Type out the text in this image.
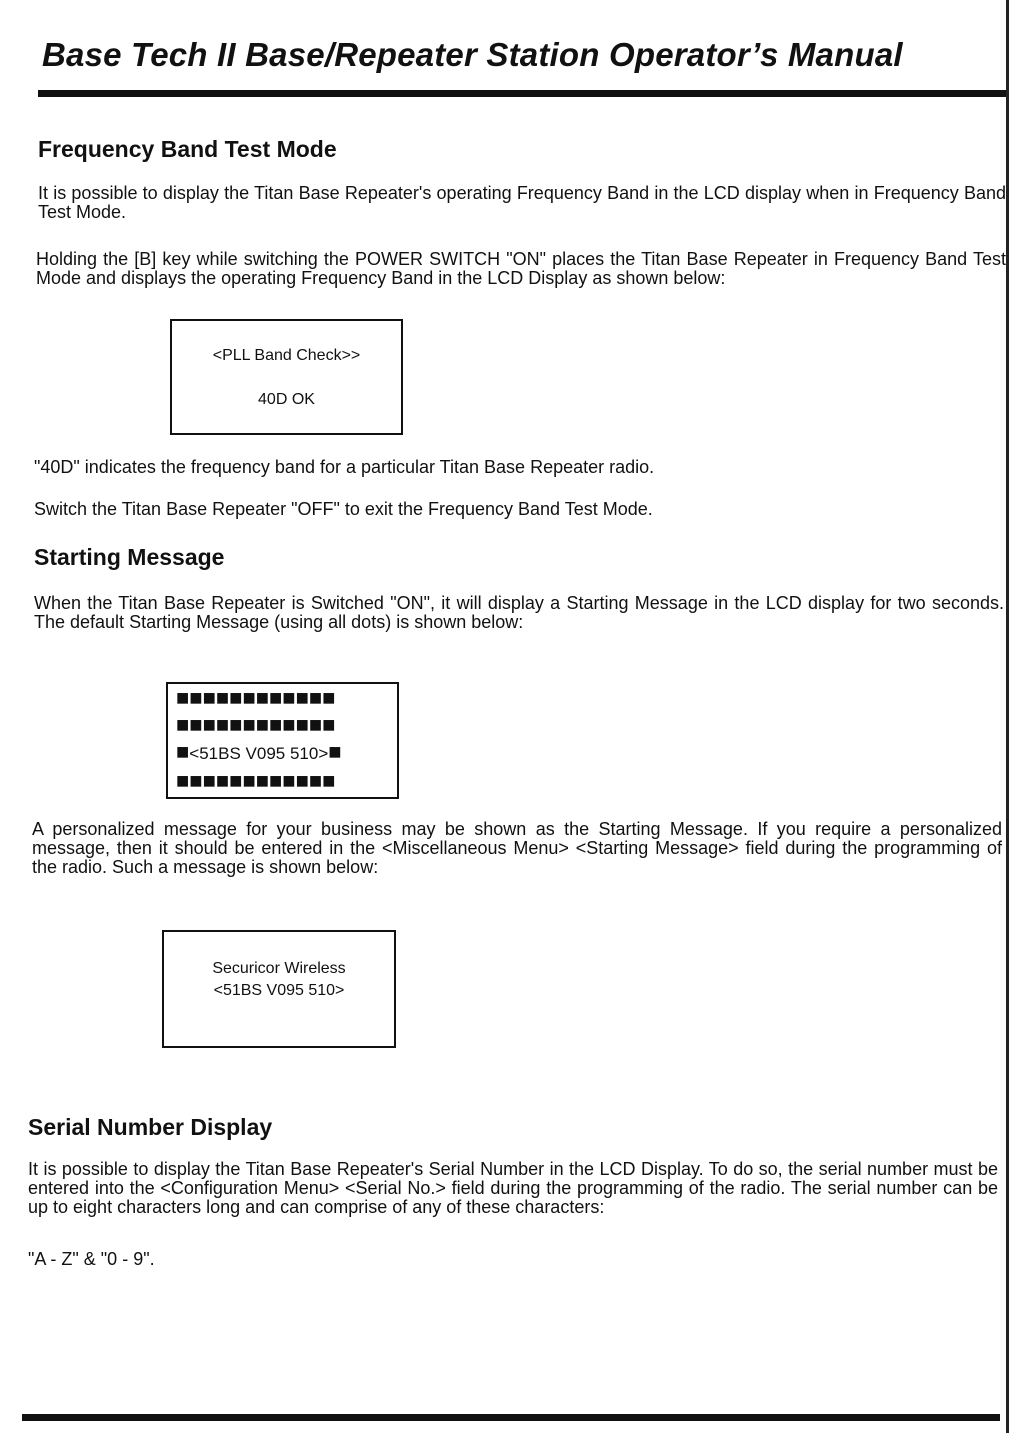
Base Tech II Base/Repeater Station Operator’s Manual
Frequency Band Test Mode
It is possible to display the Titan Base Repeater's operating Frequency Band in the LCD display when in Frequency Band Test Mode.
Holding the [B] key while switching the POWER SWITCH "ON" places the Titan Base Repeater in Frequency Band Test Mode and displays the operating Frequency Band in the LCD Display as shown below:
<PLL Band Check>>
40D OK
"40D" indicates the frequency band for a particular Titan Base Repeater radio.
Switch the Titan Base Repeater "OFF" to exit the Frequency Band Test Mode.
Starting Message
When the Titan Base Repeater is Switched "ON", it will display a Starting Message in the LCD display for two seconds. The default Starting Message (using all dots) is shown below:
■■■■■■■■■■■■
■■■■■■■■■■■■
■<51BS V095 510>■
■■■■■■■■■■■■
A personalized message for your business may be shown as the Starting Message. If you require a personalized message, then it should be entered in the <Miscellaneous Menu> <Starting Message> field during the programming of the radio. Such a message is shown below:
Securicor Wireless
<51BS V095 510>
Serial Number Display
It is possible to display the Titan Base Repeater's Serial Number in the LCD Display. To do so, the serial number must be entered into the <Configuration Menu> <Serial No.> field during the programming of the radio. The serial number can be up to eight characters long and can comprise of any of these characters:
"A - Z" & "0 - 9".
